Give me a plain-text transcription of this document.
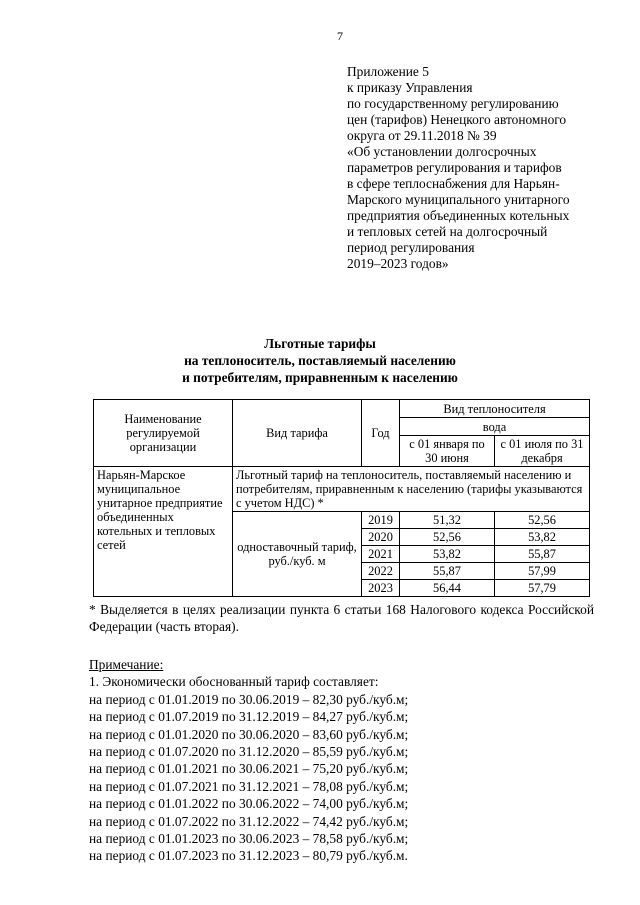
7
Приложение 5
к приказу Управления
по государственному регулированию
цен (тарифов) Ненецкого автономного
округа от 29.11.2018 № 39
«Об установлении долгосрочных
параметров регулирования и тарифов
в сфере теплоснабжения для Нарьян-
Марского муниципального унитарного
предприятия объединенных котельных
и тепловых сетей на долгосрочный
период регулирования
2019–2023 годов»
Льготные тарифы
на теплоноситель, поставляемый населению
и потребителям, приравненным к населению
Наименование регулируемой организации	Вид тарифа	Год	Вид теплоносителя	
			вода	
			с 01 января по 30 июня	с 01 июля по 31 декабря
Нарьян-Марское муниципальное унитарное предприятие объединенных котельных и тепловых сетей	Льготный тариф на теплоноситель, поставляемый населению и потребителям, приравненным к населению (тарифы указываются с учетом НДС) *			
	одноставочный тариф, руб./куб. м	2019	51,32	52,56
		2020	52,56	53,82
		2021	53,82	55,87
		2022	55,87	57,99
		2023	56,44	57,79
* Выделяется в целях реализации пункта 6 статьи 168 Налогового кодекса Российской Федерации (часть вторая).
Примечание:
1. Экономически обоснованный тариф составляет:
на период с 01.01.2019 по 30.06.2019 – 82,30 руб./куб.м;
на период с 01.07.2019 по 31.12.2019 – 84,27 руб./куб.м;
на период с 01.01.2020 по 30.06.2020 – 83,60 руб./куб.м;
на период с 01.07.2020 по 31.12.2020 – 85,59 руб./куб.м;
на период с 01.01.2021 по 30.06.2021 – 75,20 руб./куб.м;
на период с 01.07.2021 по 31.12.2021 – 78,08 руб./куб.м;
на период с 01.01.2022 по 30.06.2022 – 74,00 руб./куб.м;
на период с 01.07.2022 по 31.12.2022 – 74,42 руб./куб.м;
на период с 01.01.2023 по 30.06.2023 – 78,58 руб./куб.м;
на период с 01.07.2023 по 31.12.2023 – 80,79 руб./куб.м.
